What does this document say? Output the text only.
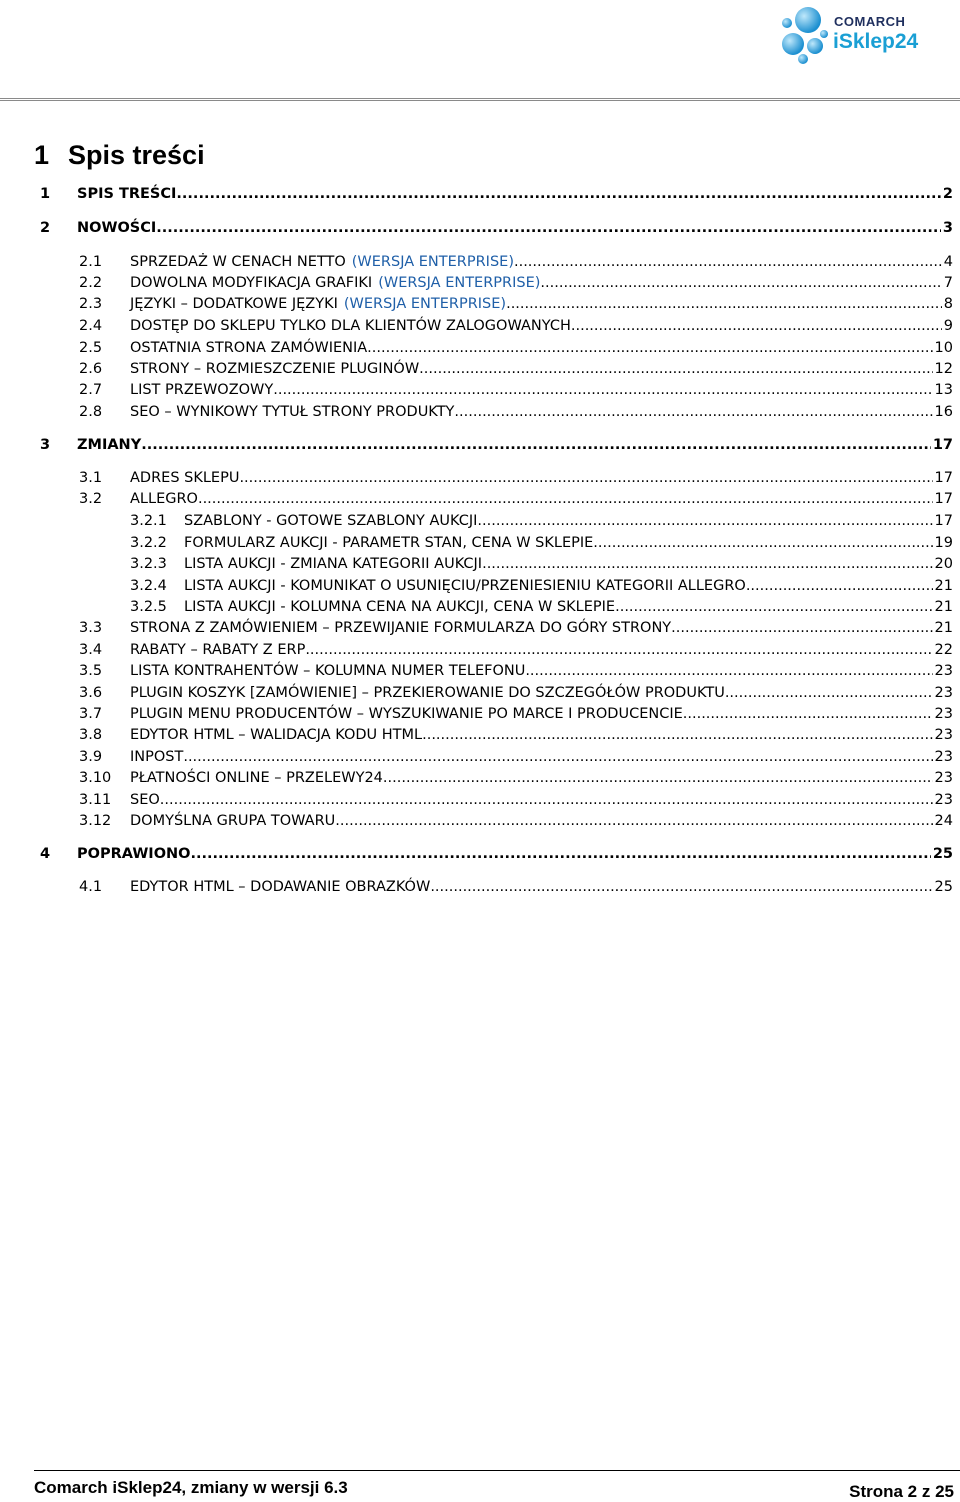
COMARCH
iSklep24
1 Spis treści
1	SPIS TREŚCI .....	2
2	NOWOŚCI .....	3
2.1	SPRZEDAŻ W CENACH NETTO (WERSJA ENTERPRISE) .....	4
2.2	DOWOLNA MODYFIKACJA GRAFIKI (WERSJA ENTERPRISE) .....	7
2.3	JĘZYKI – DODATKOWE JĘZYKI (WERSJA ENTERPRISE) .....	8
2.4	DOSTĘP DO SKLEPU TYLKO DLA KLIENTÓW ZALOGOWANYCH .....	9
2.5	OSTATNIA STRONA ZAMÓWIENIA .....	10
2.6	STRONY – ROZMIESZCZENIE PLUGINÓW .....	12
2.7	LIST PRZEWOZOWY .....	13
2.8	SEO – WYNIKOWY TYTUŁ STRONY PRODUKTY .....	16
3	ZMIANY .....	17
3.1	ADRES SKLEPU .....	17
3.2	ALLEGRO .....	17
3.2.1	SZABLONY - GOTOWE SZABLONY AUKCJI .....	17
3.2.2	FORMULARZ AUKCJI - PARAMETR STAN, CENA W SKLEPIE .....	19
3.2.3	LISTA AUKCJI - ZMIANA KATEGORII AUKCJI .....	20
3.2.4	LISTA AUKCJI - KOMUNIKAT O USUNIĘCIU/PRZENIESIENIU KATEGORII ALLEGRO .....	21
3.2.5	LISTA AUKCJI - KOLUMNA CENA NA AUKCJI, CENA W SKLEPIE .....	21
3.3	STRONA Z ZAMÓWIENIEM – PRZEWIJANIE FORMULARZA DO GÓRY STRONY .....	21
3.4	RABATY – RABATY Z ERP .....	22
3.5	LISTA KONTRAHENTÓW – KOLUMNA NUMER TELEFONU .....	23
3.6	PLUGIN KOSZYK [ZAMÓWIENIE] – PRZEKIEROWANIE DO SZCZEGÓŁÓW PRODUKTU .....	23
3.7	PLUGIN MENU PRODUCENTÓW – WYSZUKIWANIE PO MARCE I PRODUCENCIE .....	23
3.8	EDYTOR HTML – WALIDACJA KODU HTML .....	23
3.9	INPOST .....	23
3.10	PŁATNOŚCI ONLINE – PRZELEWY24 .....	23
3.11	SEO .....	23
3.12	DOMYŚLNA GRUPA TOWARU .....	24
4	POPRAWIONO .....	25
4.1	EDYTOR HTML – DODAWANIE OBRAZKÓW .....	25
Comarch iSklep24, zmiany w wersji 6.3	Strona 2 z 25
